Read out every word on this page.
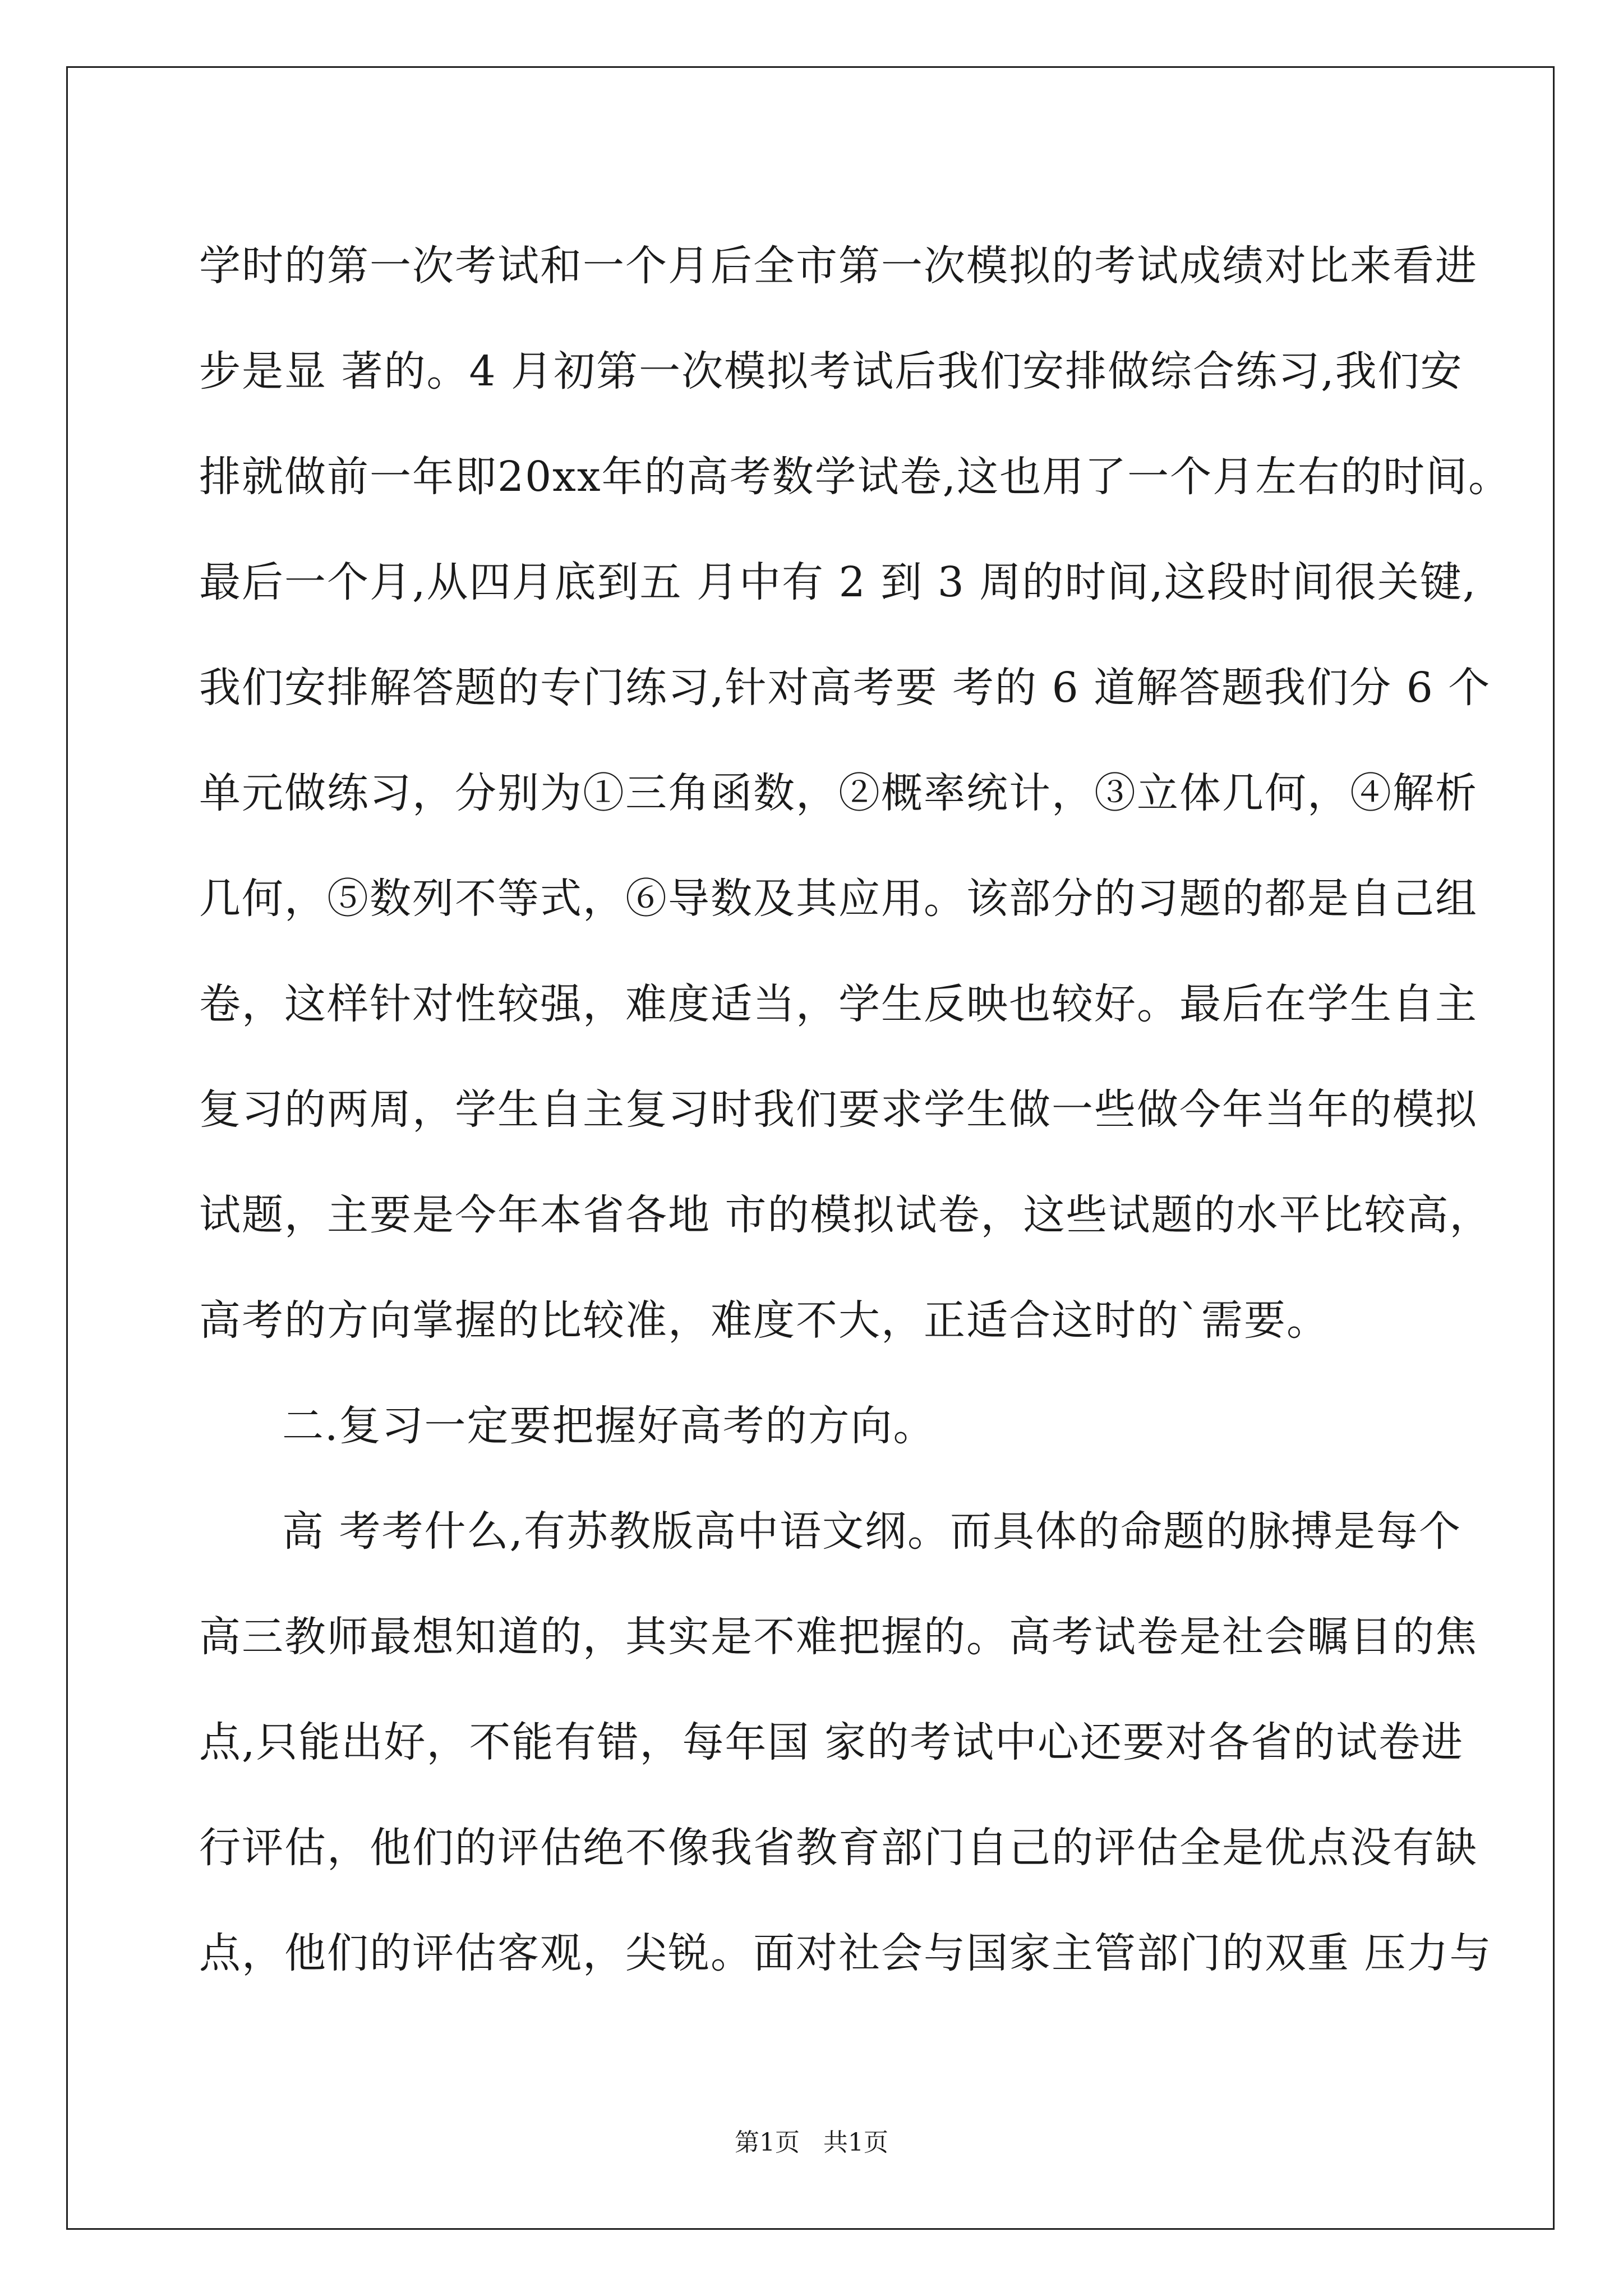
学时的第一次考试和一个月后全市第一次模拟的考试成绩对比来看进
步是显 著的。4 月初第一次模拟考试后我们安排做综合练习,我们安
排就做前一年即20xx年的高考数学试卷,这也用了一个月左右的时间。
最后一个月,从四月底到五 月中有 2 到 3 周的时间,这段时间很关键,
我们安排解答题的专门练习,针对高考要 考的 6 道解答题我们分 6 个
单元做练习，分别为①三角函数，②概率统计，③立体几何，④解析
几何，⑤数列不等式，⑥导数及其应用。该部分的习题的都是自己组
卷，这样针对性较强，难度适当，学生反映也较好。最后在学生自主
复习的两周，学生自主复习时我们要求学生做一些做今年当年的模拟
试题，主要是今年本省各地 市的模拟试卷，这些试题的水平比较高，
高考的方向掌握的比较准，难度不大，正适合这时的`需要。
二.复习一定要把握好高考的方向。
高 考考什么,有苏教版高中语文纲。而具体的命题的脉搏是每个
高三教师最想知道的，其实是不难把握的。高考试卷是社会瞩目的焦
点,只能出好，不能有错，每年国 家的考试中心还要对各省的试卷进
行评估，他们的评估绝不像我省教育部门自己的评估全是优点没有缺
点，他们的评估客观，尖锐。面对社会与国家主管部门的双重 压力与
第1页   共1页
